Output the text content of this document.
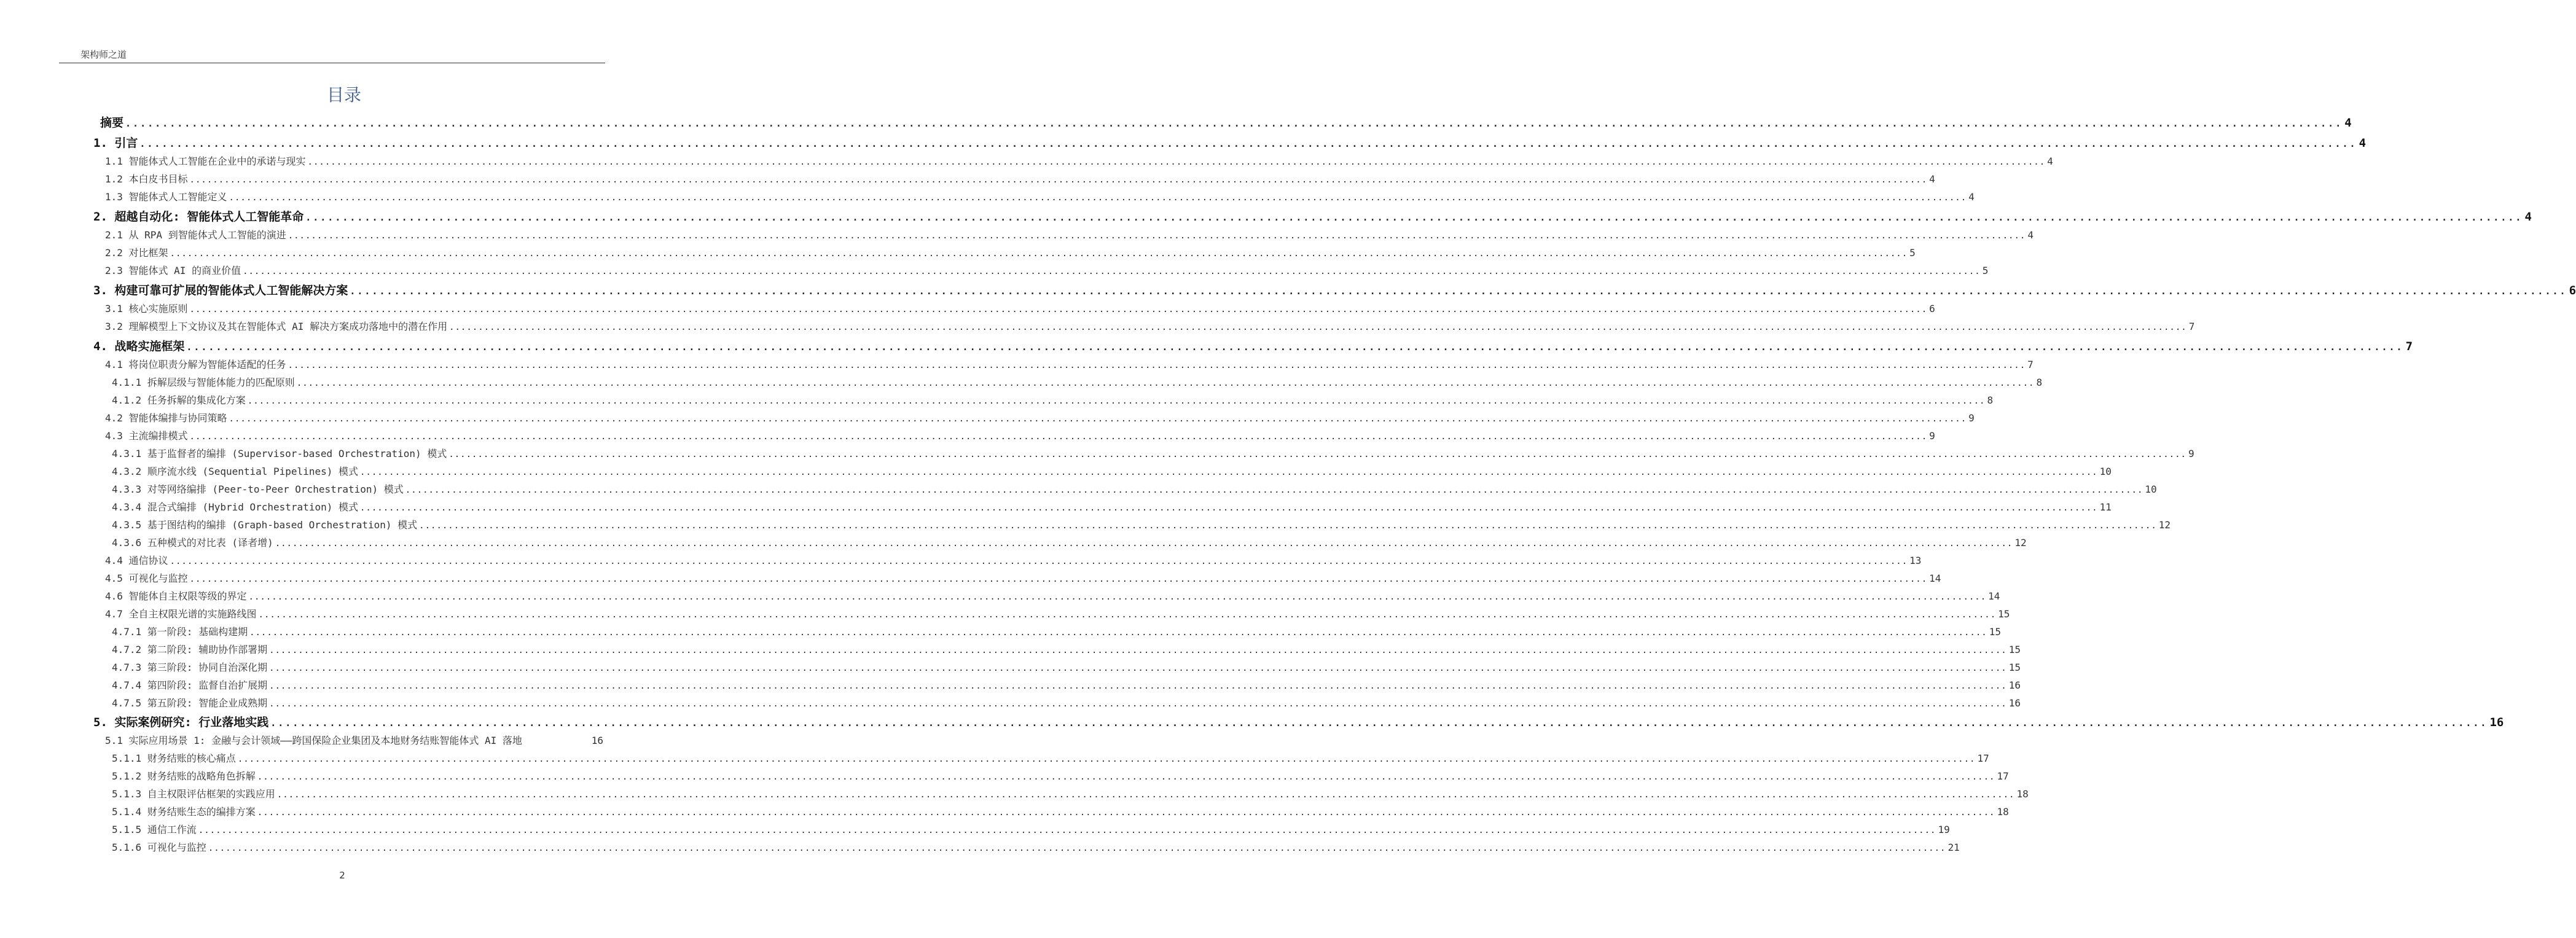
架构师之道
目录
摘要 ............................................................................................................................................................................................................................................................................................................ 4
1. 引言 ............................................................................................................................................................................................................................................................................................................ 4
1.1 智能体式人工智能在企业中的承诺与现实 ............................................................................................................................................................................................................................................................................................................ 4
1.2 本白皮书目标 ............................................................................................................................................................................................................................................................................................................ 4
1.3 智能体式人工智能定义 ............................................................................................................................................................................................................................................................................................................ 4
2. 超越自动化: 智能体式人工智能革命 ............................................................................................................................................................................................................................................................................................................ 4
2.1 从 RPA 到智能体式人工智能的演进 ............................................................................................................................................................................................................................................................................................................ 4
2.2 对比框架 ............................................................................................................................................................................................................................................................................................................ 5
2.3 智能体式 AI 的商业价值 ............................................................................................................................................................................................................................................................................................................ 5
3. 构建可靠可扩展的智能体式人工智能解决方案 ............................................................................................................................................................................................................................................................................................................ 6
3.1 核心实施原则 ............................................................................................................................................................................................................................................................................................................ 6
3.2 理解模型上下文协议及其在智能体式 AI 解决方案成功落地中的潜在作用 ............................................................................................................................................................................................................................................................................................................ 7
4. 战略实施框架 ............................................................................................................................................................................................................................................................................................................ 7
4.1 将岗位职责分解为智能体适配的任务 ............................................................................................................................................................................................................................................................................................................ 7
4.1.1 拆解层级与智能体能力的匹配原则 ............................................................................................................................................................................................................................................................................................................ 8
4.1.2 任务拆解的集成化方案 ............................................................................................................................................................................................................................................................................................................ 8
4.2 智能体编排与协同策略 ............................................................................................................................................................................................................................................................................................................ 9
4.3 主流编排模式 ............................................................................................................................................................................................................................................................................................................ 9
4.3.1 基于监督者的编排 (Supervisor-based Orchestration) 模式 ............................................................................................................................................................................................................................................................................................................ 9
4.3.2 顺序流水线 (Sequential Pipelines) 模式 ............................................................................................................................................................................................................................................................................................................ 10
4.3.3 对等网络编排 (Peer-to-Peer Orchestration) 模式 ............................................................................................................................................................................................................................................................................................................ 10
4.3.4 混合式编排 (Hybrid Orchestration) 模式 ............................................................................................................................................................................................................................................................................................................ 11
4.3.5 基于图结构的编排 (Graph-based Orchestration) 模式 ............................................................................................................................................................................................................................................................................................................ 12
4.3.6 五种模式的对比表 (译者增) ............................................................................................................................................................................................................................................................................................................ 12
4.4 通信协议 ............................................................................................................................................................................................................................................................................................................ 13
4.5 可视化与监控 ............................................................................................................................................................................................................................................................................................................ 14
4.6 智能体自主权限等级的界定 ............................................................................................................................................................................................................................................................................................................ 14
4.7 全自主权限光谱的实施路线图 ............................................................................................................................................................................................................................................................................................................ 15
4.7.1 第一阶段: 基础构建期 ............................................................................................................................................................................................................................................................................................................ 15
4.7.2 第二阶段: 辅助协作部署期 ............................................................................................................................................................................................................................................................................................................ 15
4.7.3 第三阶段: 协同自治深化期 ............................................................................................................................................................................................................................................................................................................ 15
4.7.4 第四阶段: 监督自治扩展期 ............................................................................................................................................................................................................................................................................................................ 16
4.7.5 第五阶段: 智能企业成熟期 ............................................................................................................................................................................................................................................................................................................ 16
5. 实际案例研究: 行业落地实践 ............................................................................................................................................................................................................................................................................................................ 16
5.1 实际应用场景 1: 金融与会计领域——跨国保险企业集团及本地财务结账智能体式 AI 落地	16
5.1.1 财务结账的核心痛点 ............................................................................................................................................................................................................................................................................................................ 17
5.1.2 财务结账的战略角色拆解 ............................................................................................................................................................................................................................................................................................................ 17
5.1.3 自主权限评估框架的实践应用 ............................................................................................................................................................................................................................................................................................................ 18
5.1.4 财务结账生态的编排方案 ............................................................................................................................................................................................................................................................................................................ 18
5.1.5 通信工作流 ............................................................................................................................................................................................................................................................................................................ 19
5.1.6 可视化与监控 ............................................................................................................................................................................................................................................................................................................ 21
2
